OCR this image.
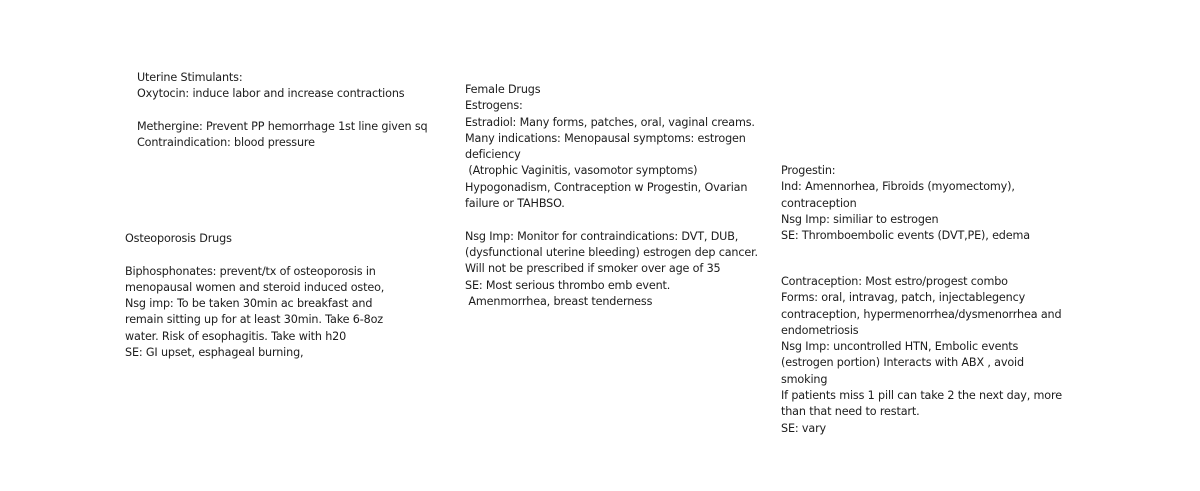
Uterine Stimulants:
Oxytocin: induce labor and increase contractions
Methergine: Prevent PP hemorrhage 1st line given sq
Contraindication: blood pressure
Osteoporosis Drugs
Biphosphonates: prevent/tx of osteoporosis in
menopausal women and steroid induced osteo,
Nsg imp: To be taken 30min ac breakfast and
remain sitting up for at least 30min. Take 6-8oz
water. Risk of esophagitis. Take with h20
SE: GI upset, esphageal burning,
Female Drugs
Estrogens:
Estradiol: Many forms, patches, oral, vaginal creams.
Many indications: Menopausal symptoms: estrogen
deficiency
(Atrophic Vaginitis, vasomotor symptoms)
Hypogonadism, Contraception w Progestin, Ovarian
failure or TAHBSO.
Nsg Imp: Monitor for contraindications: DVT, DUB,
(dysfunctional uterine bleeding) estrogen dep cancer.
Will not be prescribed if smoker over age of 35
SE: Most serious thrombo emb event.
Amenmorrhea, breast tenderness
Progestin:
Ind: Amennorhea, Fibroids (myomectomy),
contraception
Nsg Imp: similiar to estrogen
SE: Thromboembolic events (DVT,PE), edema
Contraception: Most estro/progest combo
Forms: oral, intravag, patch, injectablegency
contraception, hypermenorrhea/dysmenorrhea and
endometriosis
Nsg Imp: uncontrolled HTN, Embolic events
(estrogen portion) Interacts with ABX , avoid
smoking
If patients miss 1 pill can take 2 the next day, more
than that need to restart.
SE: vary
